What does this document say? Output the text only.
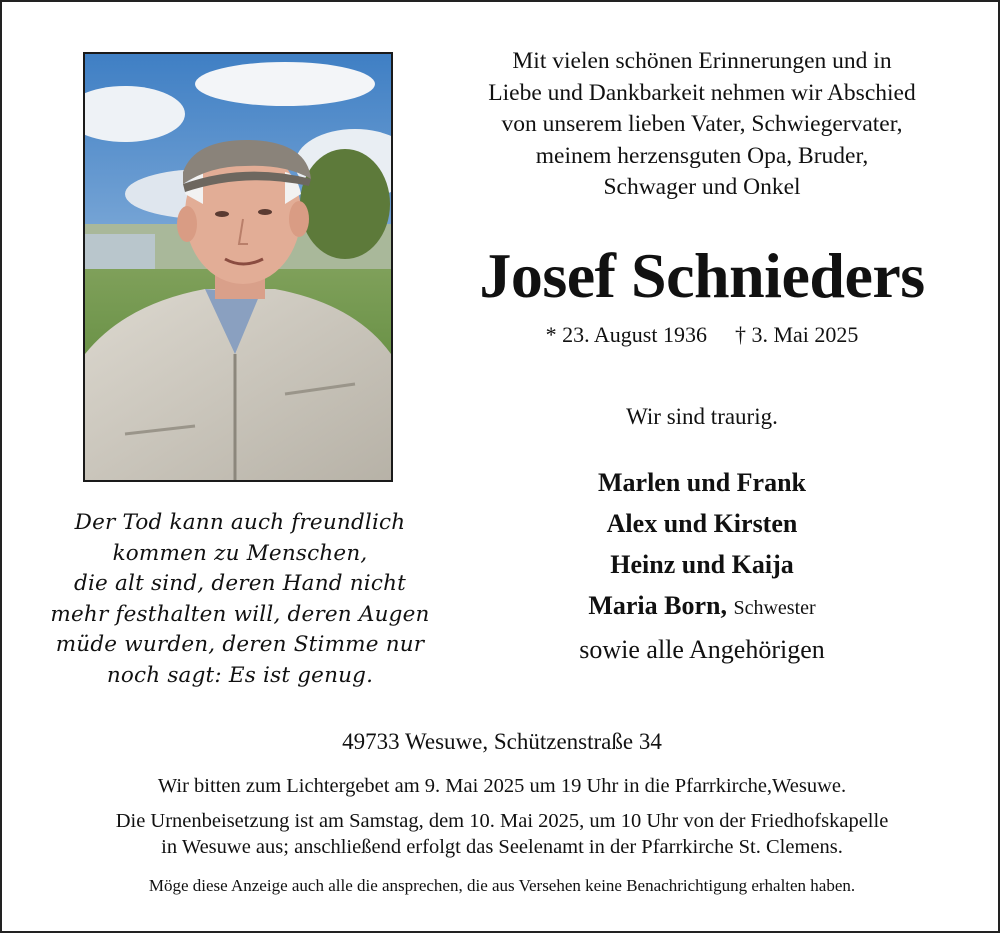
Mit vielen schönen Erinnerungen und in
Liebe und Dankbarkeit nehmen wir Abschied
von unserem lieben Vater, Schwiegervater,
meinem herzensguten Opa, Bruder,
Schwager und Onkel
Josef Schnieders
* 23. August 1936 † 3. Mai 2025
Wir sind traurig.
Marlen und Frank
Alex und Kirsten
Heinz und Kaija
Maria Born, Schwester
sowie alle Angehörigen
Der Tod kann auch freundlich
kommen zu Menschen,
die alt sind, deren Hand nicht
mehr festhalten will, deren Augen
müde wurden, deren Stimme nur
noch sagt: Es ist genug.
49733 Wesuwe, Schützenstraße 34
Wir bitten zum Lichtergebet am 9. Mai 2025 um 19 Uhr in die Pfarrkirche,Wesuwe.
Die Urnenbeisetzung ist am Samstag, dem 10. Mai 2025, um 10 Uhr von der Friedhofskapelle
in Wesuwe aus; anschließend erfolgt das Seelenamt in der Pfarrkirche St. Clemens.
Möge diese Anzeige auch alle die ansprechen, die aus Versehen keine Benachrichtigung erhalten haben.
